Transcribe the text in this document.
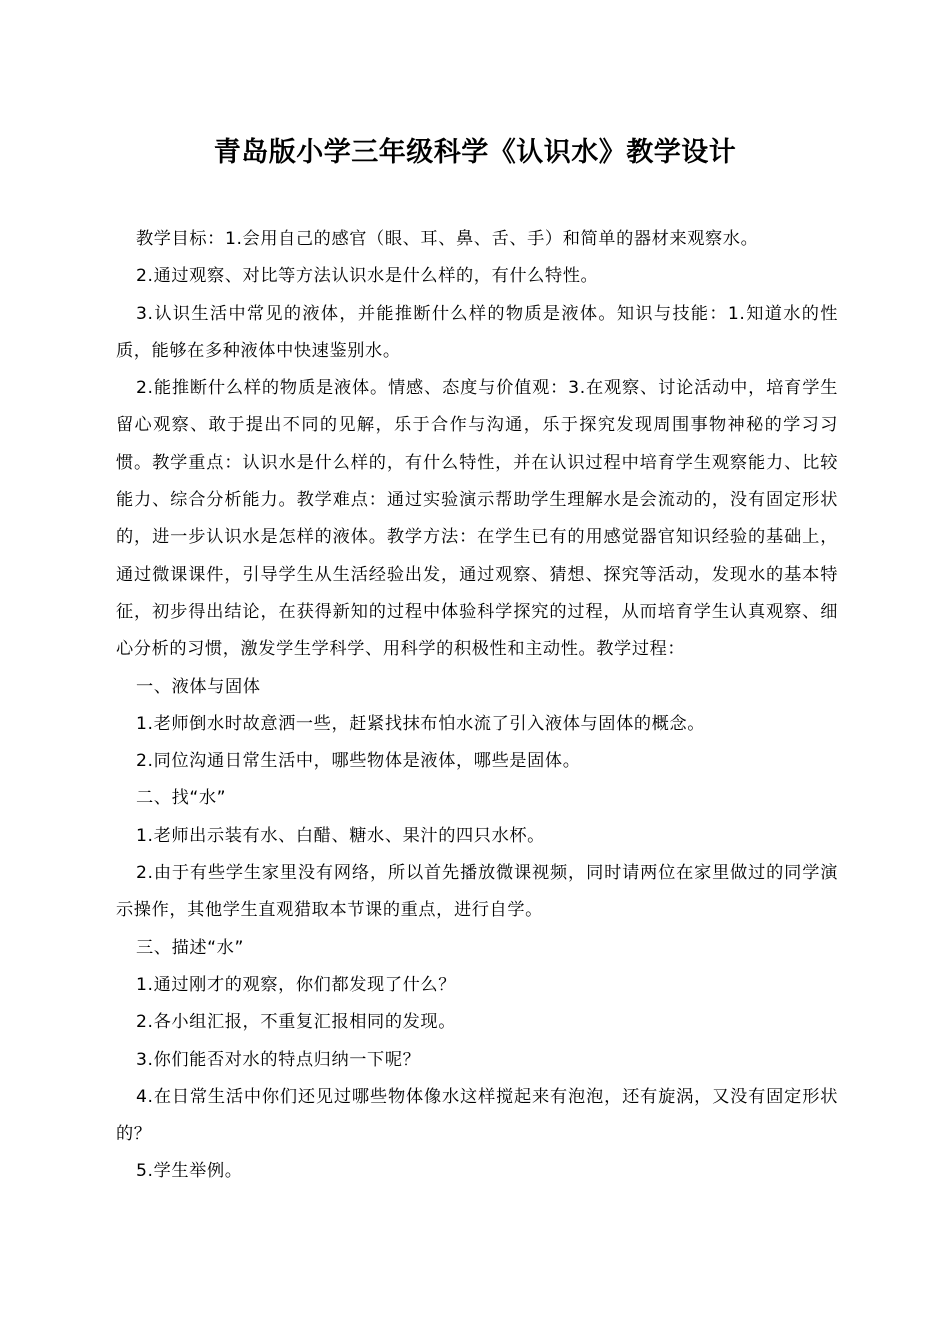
青岛版小学三年级科学《认识水》教学设计

教学目标：1.会用自己的感官（眼、耳、鼻、舌、手）和简单的器材来观察水。

2.通过观察、对比等方法认识水是什么样的，有什么特性。

3.认识生活中常见的液体，并能推断什么样的物质是液体。知识与技能：1.知道水的性质，能够在多种液体中快速鉴别水。

2.能推断什么样的物质是液体。情感、态度与价值观：3.在观察、讨论活动中，培育学生留心观察、敢于提出不同的见解，乐于合作与沟通，乐于探究发现周围事物神秘的学习习惯。教学重点：认识水是什么样的，有什么特性，并在认识过程中培育学生观察能力、比较能力、综合分析能力。教学难点：通过实验演示帮助学生理解水是会流动的，没有固定形状的，进一步认识水是怎样的液体。教学方法：在学生已有的用感觉器官知识经验的基础上，通过微课课件，引导学生从生活经验出发，通过观察、猜想、探究等活动，发现水的基本特征，初步得出结论，在获得新知的过程中体验科学探究的过程，从而培育学生认真观察、细心分析的习惯，激发学生学科学、用科学的积极性和主动性。教学过程：

一、液体与固体

1.老师倒水时故意洒一些，赶紧找抹布怕水流了引入液体与固体的概念。

2.同位沟通日常生活中，哪些物体是液体，哪些是固体。

二、找“水”

1.老师出示装有水、白醋、糖水、果汁的四只水杯。

2.由于有些学生家里没有网络，所以首先播放微课视频，同时请两位在家里做过的同学演示操作，其他学生直观猎取本节课的重点，进行自学。

三、描述“水”

1.通过刚才的观察，你们都发现了什么？

2.各小组汇报，不重复汇报相同的发现。

3.你们能否对水的特点归纳一下呢？

4.在日常生活中你们还见过哪些物体像水这样搅起来有泡泡，还有旋涡，又没有固定形状的？

5.学生举例。
